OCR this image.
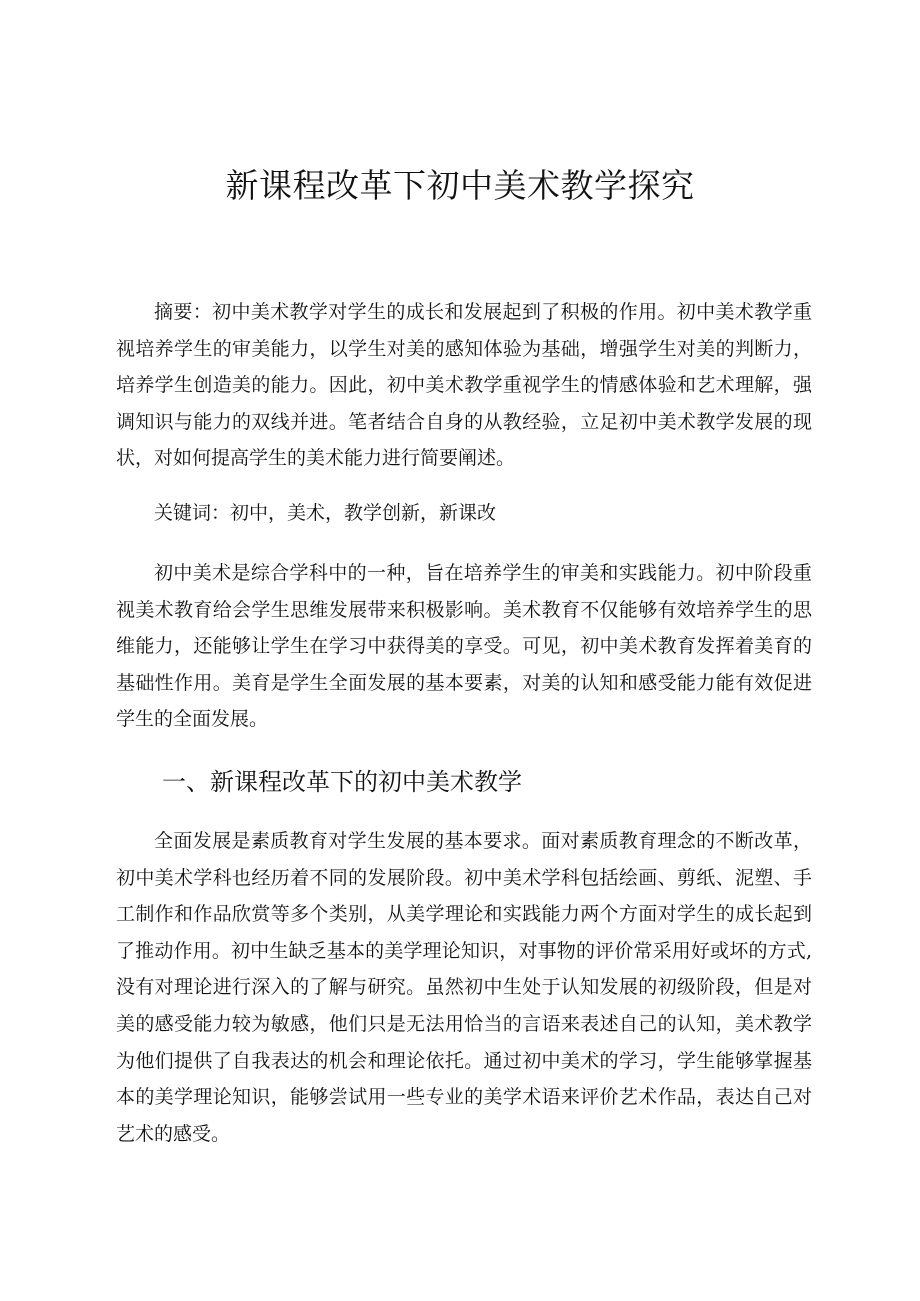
新课程改革下初中美术教学探究

摘要：初中美术教学对学生的成长和发展起到了积极的作用。初中美术教学重视培养学生的审美能力，以学生对美的感知体验为基础，增强学生对美的判断力，培养学生创造美的能力。因此，初中美术教学重视学生的情感体验和艺术理解，强调知识与能力的双线并进。笔者结合自身的从教经验，立足初中美术教学发展的现状，对如何提高学生的美术能力进行简要阐述。

关键词：初中，美术，教学创新，新课改

初中美术是综合学科中的一种，旨在培养学生的审美和实践能力。初中阶段重视美术教育给会学生思维发展带来积极影响。美术教育不仅能够有效培养学生的思维能力，还能够让学生在学习中获得美的享受。可见，初中美术教育发挥着美育的基础性作用。美育是学生全面发展的基本要素，对美的认知和感受能力能有效促进学生的全面发展。

一、新课程改革下的初中美术教学

全面发展是素质教育对学生发展的基本要求。面对素质教育理念的不断改革，初中美术学科也经历着不同的发展阶段。初中美术学科包括绘画、剪纸、泥塑、手工制作和作品欣赏等多个类别，从美学理论和实践能力两个方面对学生的成长起到了推动作用。初中生缺乏基本的美学理论知识，对事物的评价常采用好或坏的方式,没有对理论进行深入的了解与研究。虽然初中生处于认知发展的初级阶段，但是对美的感受能力较为敏感，他们只是无法用恰当的言语来表述自己的认知，美术教学为他们提供了自我表达的机会和理论依托。通过初中美术的学习，学生能够掌握基本的美学理论知识，能够尝试用一些专业的美学术语来评价艺术作品，表达自己对艺术的感受。
